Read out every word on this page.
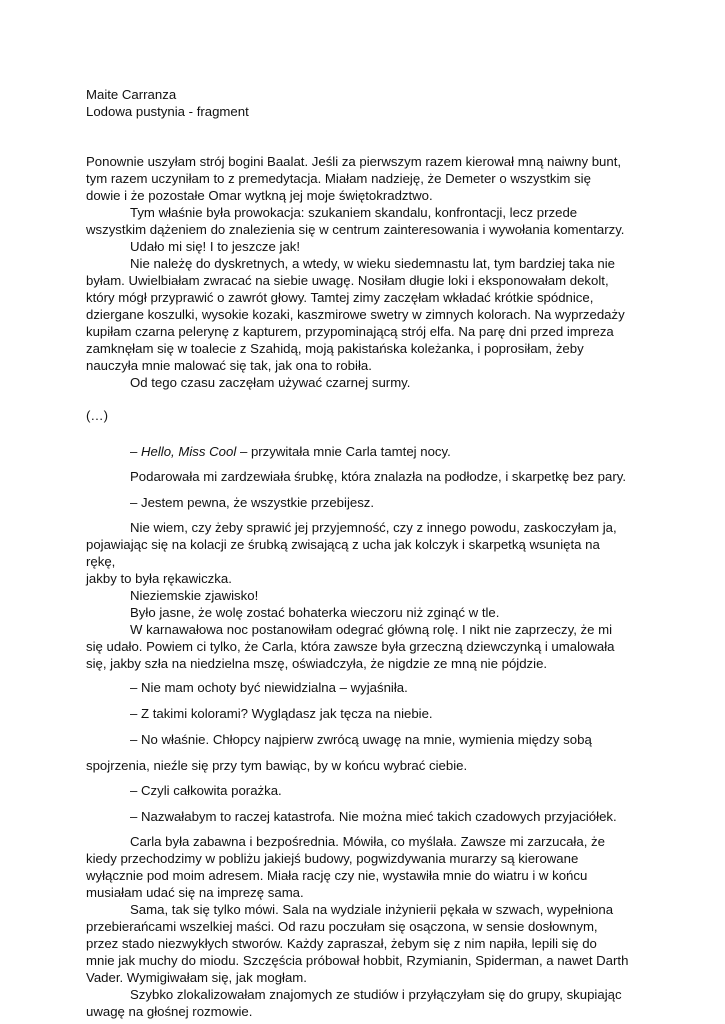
Maite Carranza
Lodowa pustynia - fragment
Ponownie uszyłam strój bogini Baalat. Jeśli za pierwszym razem kierował mną naiwny bunt,
tym razem uczyniłam to z premedytacja. Miałam nadzieję, że Demeter o wszystkim się
dowie i że pozostałe Omar wytkną jej moje świętokradztwo.
Tym właśnie była prowokacja: szukaniem skandalu, konfrontacji, lecz przede
wszystkim dążeniem do znalezienia się w centrum zainteresowania i wywołania komentarzy.
Udało mi się! I to jeszcze jak!
Nie należę do dyskretnych, a wtedy, w wieku siedemnastu lat, tym bardziej taka nie
byłam. Uwielbiałam zwracać na siebie uwagę. Nosiłam długie loki i eksponowałam dekolt,
który mógł przyprawić o zawrót głowy. Tamtej zimy zaczęłam wkładać krótkie spódnice,
dziergane koszulki, wysokie kozaki, kaszmirowe swetry w zimnych kolorach. Na wyprzedaży
kupiłam czarna pelerynę z kapturem, przypominającą strój elfa. Na parę dni przed impreza
zamknęłam się w toalecie z Szahidą, moją pakistańska koleżanka, i poprosiłam, żeby
nauczyła mnie malować się tak, jak ona to robiła.
Od tego czasu zaczęłam używać czarnej surmy.
(…)
– Hello, Miss Cool – przywitała mnie Carla tamtej nocy.
Podarowała mi zardzewiała śrubkę, która znalazła na podłodze, i skarpetkę bez pary.
– Jestem pewna, że wszystkie przebijesz.
Nie wiem, czy żeby sprawić jej przyjemność, czy z innego powodu, zaskoczyłam ja,
pojawiając się na kolacji ze śrubką zwisającą z ucha jak kolczyk i skarpetką wsunięta na
rękę,
jakby to była rękawiczka.
Nieziemskie zjawisko!
Było jasne, że wolę zostać bohaterka wieczoru niż zginąć w tle.
W karnawałowa noc postanowiłam odegrać główną rolę. I nikt nie zaprzeczy, że mi
się udało. Powiem ci tylko, że Carla, która zawsze była grzeczną dziewczynką i umalowała
się, jakby szła na niedzielna mszę, oświadczyła, że nigdzie ze mną nie pójdzie.
– Nie mam ochoty być niewidzialna – wyjaśniła.
– Z takimi kolorami? Wyglądasz jak tęcza na niebie.
– No właśnie. Chłopcy najpierw zwrócą uwagę na mnie, wymienia między sobą
spojrzenia, nieźle się przy tym bawiąc, by w końcu wybrać ciebie.
– Czyli całkowita porażka.
– Nazwałabym to raczej katastrofa. Nie można mieć takich czadowych przyjaciółek.
Carla była zabawna i bezpośrednia. Mówiła, co myślała. Zawsze mi zarzucała, że
kiedy przechodzimy w pobliżu jakiejś budowy, pogwizdywania murarzy są kierowane
wyłącznie pod moim adresem. Miała rację czy nie, wystawiła mnie do wiatru i w końcu
musiałam udać się na imprezę sama.
Sama, tak się tylko mówi. Sala na wydziale inżynierii pękała w szwach, wypełniona
przebierańcami wszelkiej maści. Od razu poczułam się osączona, w sensie dosłownym,
przez stado niezwykłych stworów. Każdy zapraszał, żebym się z nim napiła, lepili się do
mnie jak muchy do miodu. Szczęścia próbował hobbit, Rzymianin, Spiderman, a nawet Darth
Vader. Wymigiwałam się, jak mogłam.
Szybko zlokalizowałam znajomych ze studiów i przyłączyłam się do grupy, skupiając
uwagę na głośnej rozmowie.
